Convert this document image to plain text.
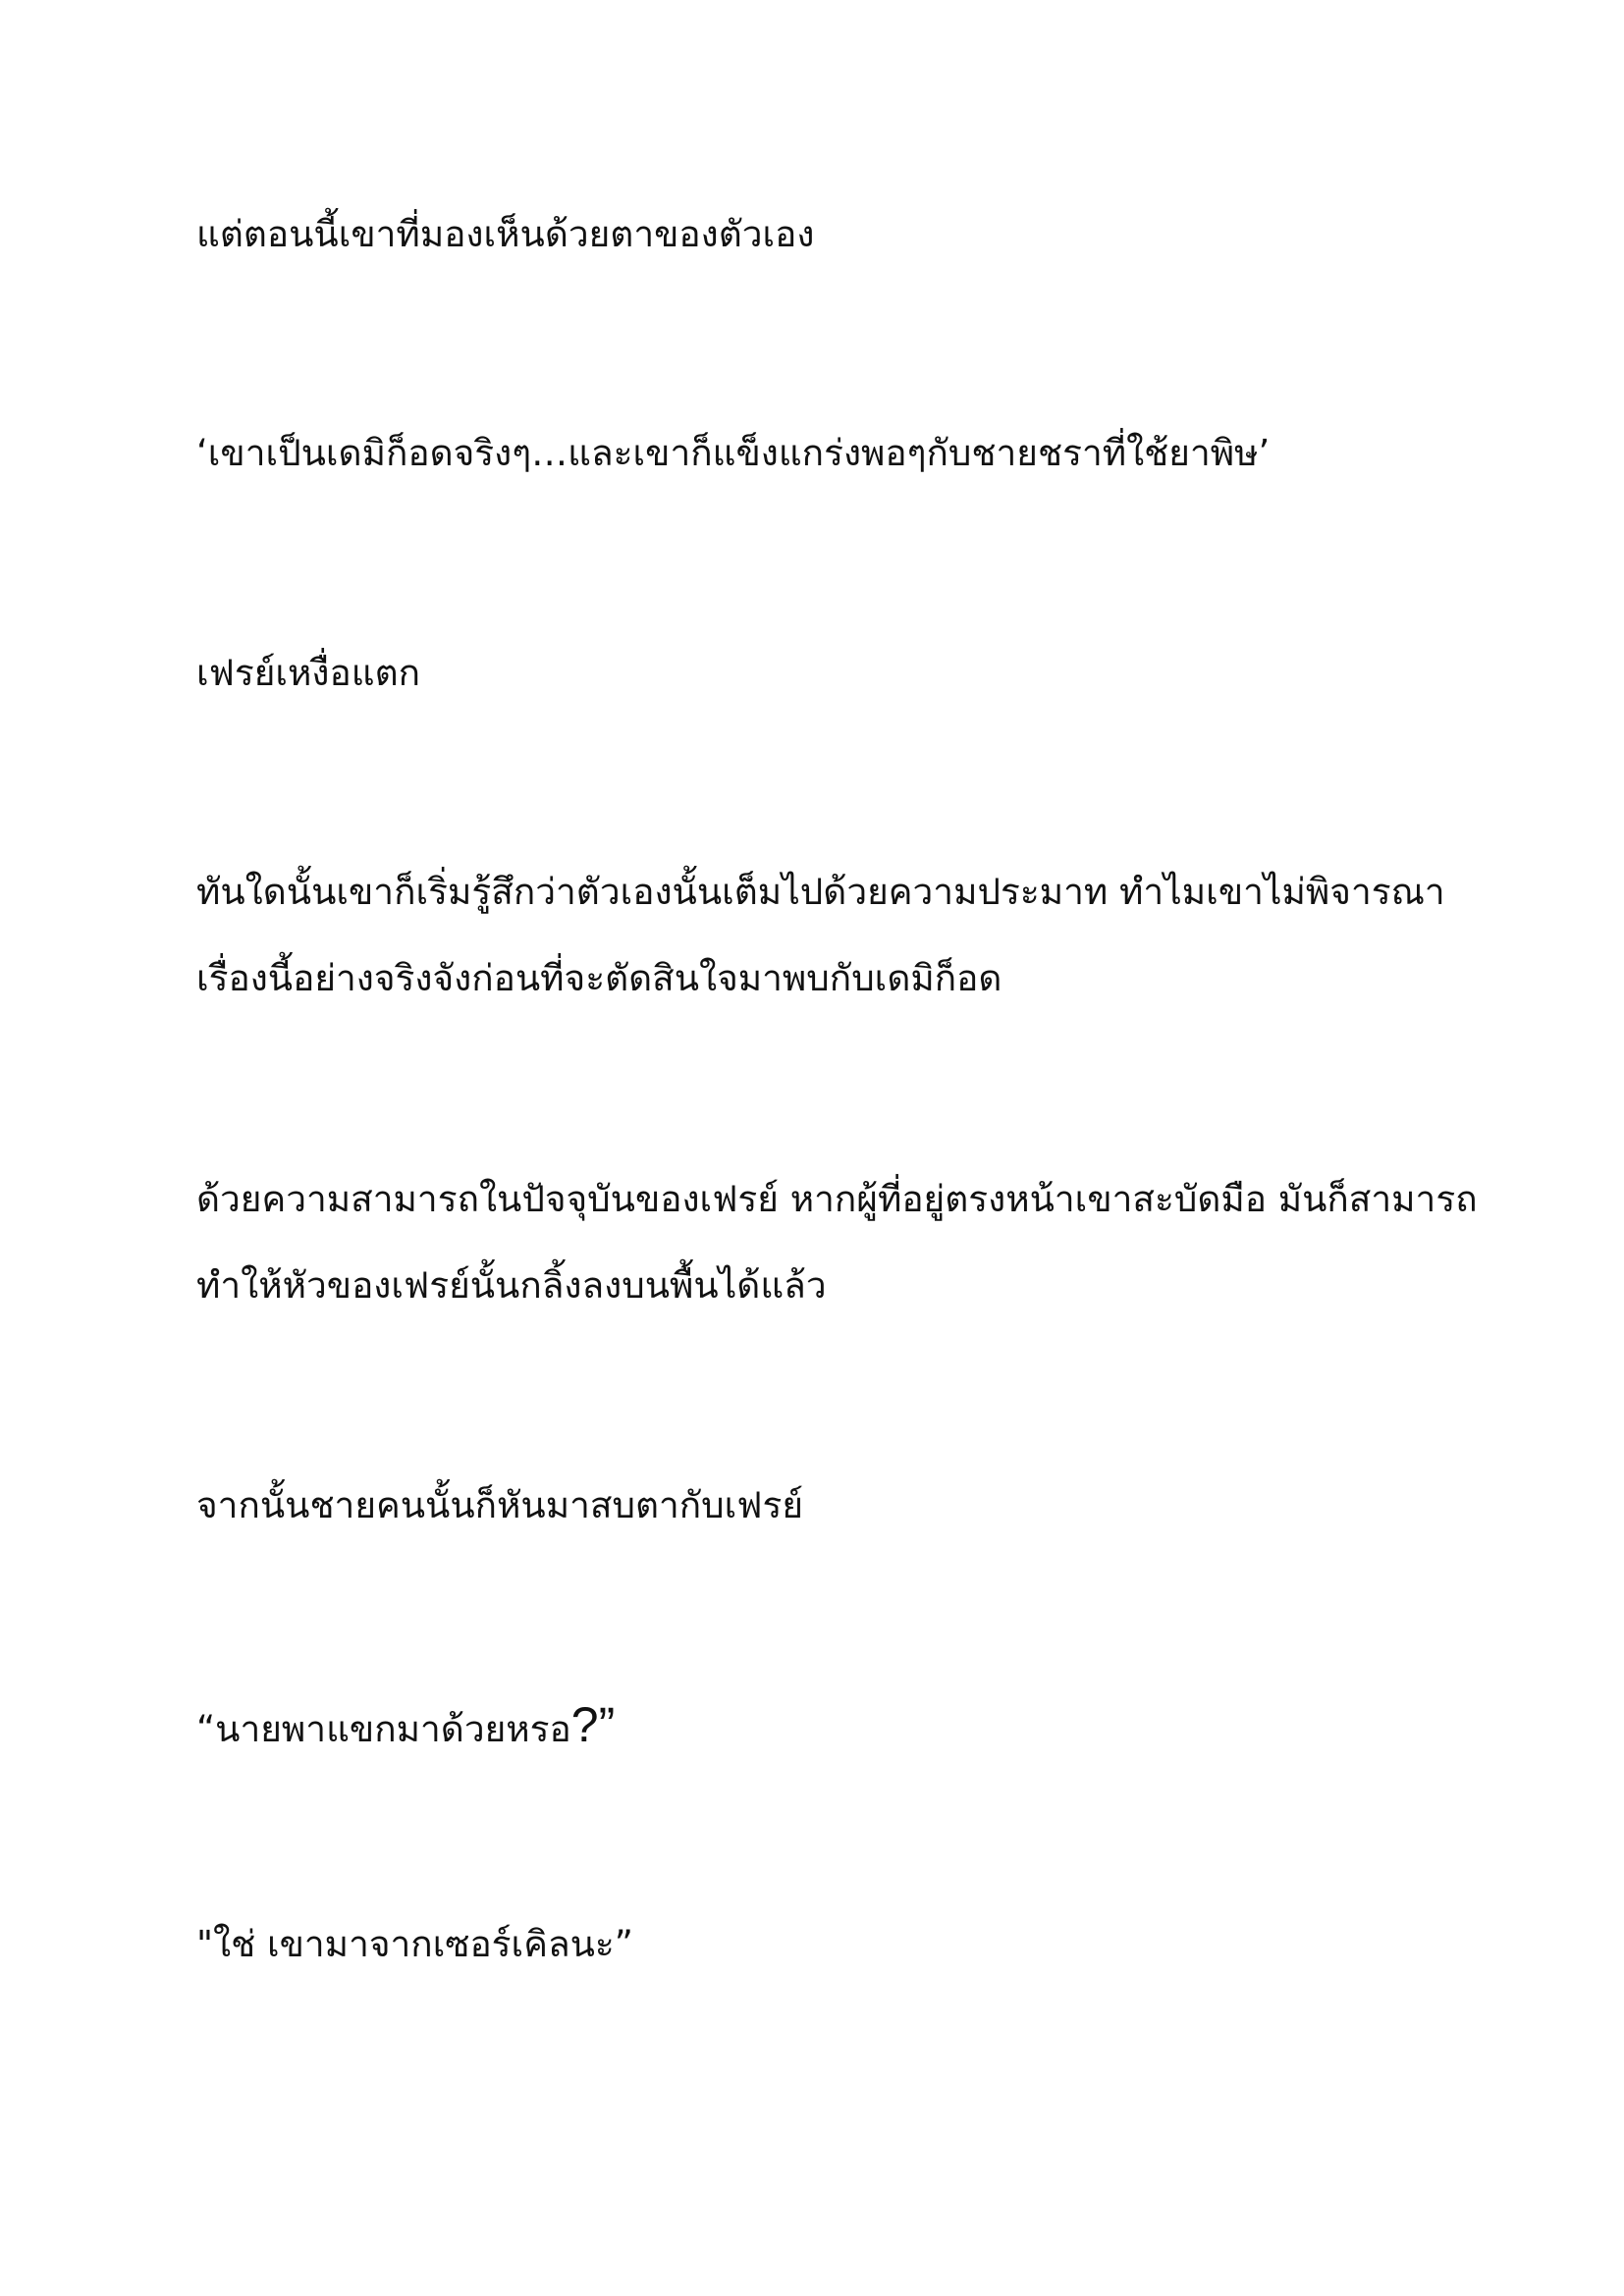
แต่ตอนนี้เขาที่มองเห็นด้วยตาของตัวเอง

‘เขาเป็นเดมิก็อดจริงๆ…และเขาก็แข็งแกร่งพอๆกับชายชราที่ใช้ยาพิษ’

เฟรย์เหงื่อแตก

ทันใดนั้นเขาก็เริ่มรู้สึกว่าตัวเองนั้นเต็มไปด้วยความประมาท ทำไมเขาไม่พิจารณา
เรื่องนี้อย่างจริงจังก่อนที่จะตัดสินใจมาพบกับเดมิก็อด

ด้วยความสามารถในปัจจุบันของเฟรย์ หากผู้ที่อยู่ตรงหน้าเขาสะบัดมือ มันก็สามารถ
ทำให้หัวของเฟรย์นั้นกลิ้งลงบนพื้นได้แล้ว

จากนั้นชายคนนั้นก็หันมาสบตากับเฟรย์

“นายพาแขกมาด้วยหรอ?”

"ใช่ เขามาจากเซอร์เคิลนะ”
